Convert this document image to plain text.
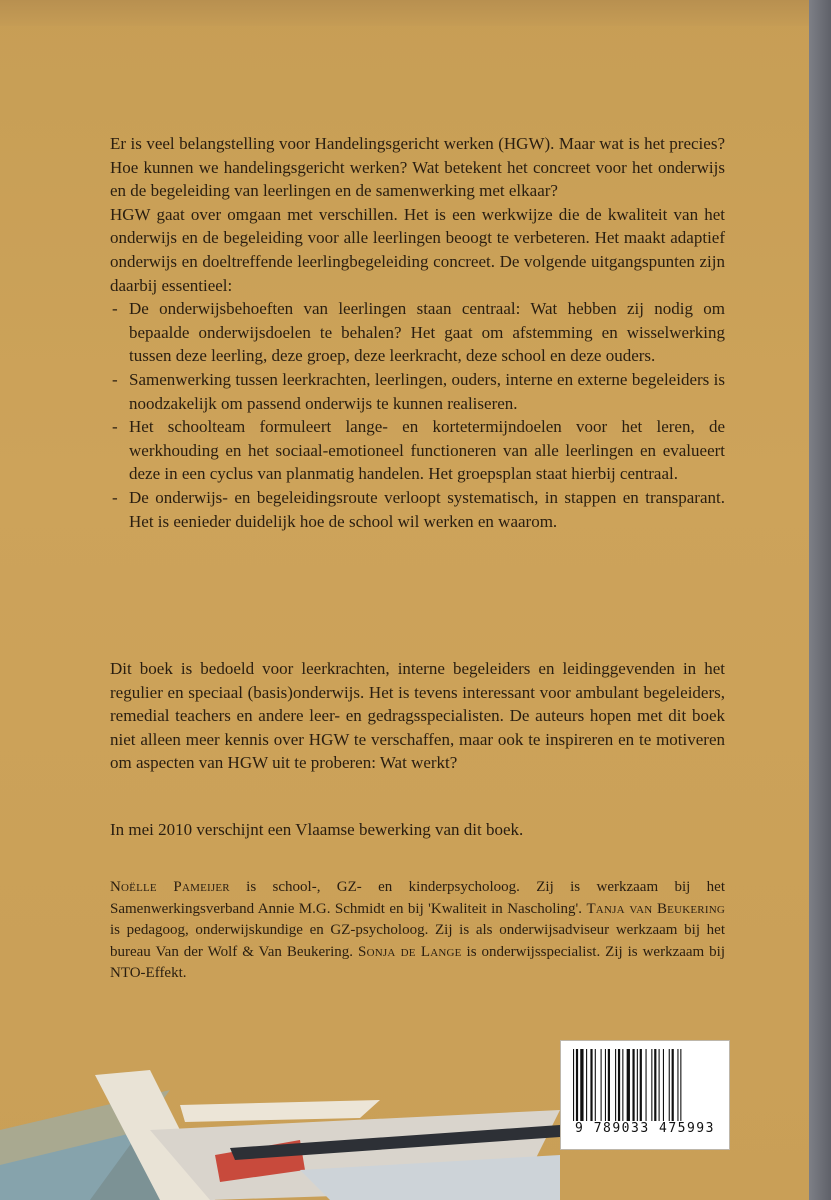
Er is veel belangstelling voor Handelingsgericht werken (HGW). Maar wat is het precies? Hoe kunnen we handelingsgericht werken? Wat betekent het concreet voor het onderwijs en de begeleiding van leerlingen en de samenwerking met elkaar?
HGW gaat over omgaan met verschillen. Het is een werkwijze die de kwaliteit van het onderwijs en de begeleiding voor alle leerlingen beoogt te verbeteren. Het maakt adaptief onderwijs en doeltreffende leerlingbegeleiding concreet. De volgende uitgangspunten zijn daarbij essentieel:
- De onderwijsbehoeften van leerlingen staan centraal: Wat hebben zij nodig om bepaalde onderwijsdoelen te behalen? Het gaat om afstemming en wisselwerking tussen deze leerling, deze groep, deze leerkracht, deze school en deze ouders.
- Samenwerking tussen leerkrachten, leerlingen, ouders, interne en externe begeleiders is noodzakelijk om passend onderwijs te kunnen realiseren.
- Het schoolteam formuleert lange- en kortetermijndoelen voor het leren, de werkhouding en het sociaal-emotioneel functioneren van alle leerlingen en evalueert deze in een cyclus van planmatig handelen. Het groepsplan staat hierbij centraal.
- De onderwijs- en begeleidingsroute verloopt systematisch, in stappen en transparant. Het is eenieder duidelijk hoe de school wil werken en waarom.
Dit boek is bedoeld voor leerkrachten, interne begeleiders en leidinggevenden in het regulier en speciaal (basis)onderwijs. Het is tevens interessant voor ambulant begeleiders, remedial teachers en andere leer- en gedragsspecialisten. De auteurs hopen met dit boek niet alleen meer kennis over HGW te verschaffen, maar ook te inspireren en te motiveren om aspecten van HGW uit te proberen: Wat werkt?
In mei 2010 verschijnt een Vlaamse bewerking van dit boek.
Noëlle Pameijer is school-, GZ- en kinderpsycholoog. Zij is werkzaam bij het Samenwerkingsverband Annie M.G. Schmidt en bij 'Kwaliteit in Nascholing'. Tanja van Beukering is pedagoog, onderwijskundige en GZ-psycholoog. Zij is als onderwijsadviseur werkzaam bij het bureau Van der Wolf & Van Beukering. Sonja de Lange is onderwijsspecialist. Zij is werkzaam bij NTO-Effekt.
9 789033 475993
